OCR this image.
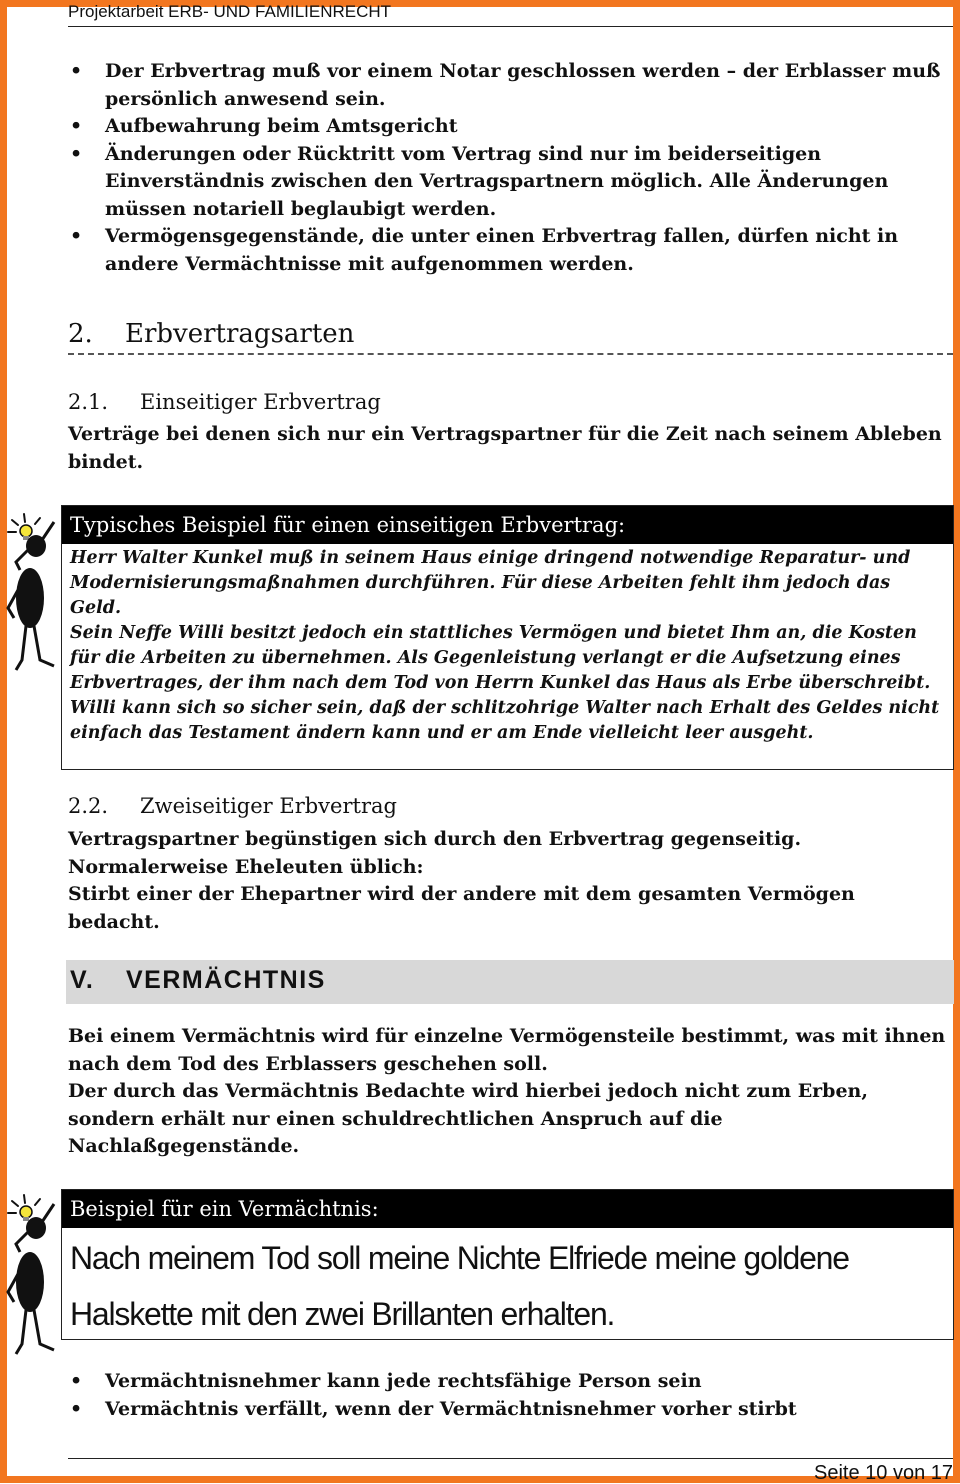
Projektarbeit ERB- UND FAMILIENRECHT
• Der Erbvertrag muß vor einem Notar geschlossen werden – der Erblasser muß persönlich anwesend sein.
• Aufbewahrung beim Amtsgericht
• Änderungen oder Rücktritt vom Vertrag sind nur im beiderseitigen Einverständnis zwischen den Vertragspartnern möglich. Alle Änderungen müssen notariell beglaubigt werden.
• Vermögensgegenstände, die unter einen Erbvertrag fallen, dürfen nicht in andere Vermächtnisse mit aufgenommen werden.
2. Erbvertragsarten
2.1. Einseitiger Erbvertrag

Verträge bei denen sich nur ein Vertragspartner für die Zeit nach seinem Ableben bindet.

Typisches Beispiel für einen einseitigen Erbvertrag:

Herr Walter Kunkel muß in seinem Haus einige dringend notwendige Reparatur- und Modernisierungsmaßnahmen durchführen. Für diese Arbeiten fehlt ihm jedoch das Geld.

Sein Neffe Willi besitzt jedoch ein stattliches Vermögen und bietet Ihm an, die Kosten für die Arbeiten zu übernehmen. Als Gegenleistung verlangt er die Aufsetzung eines Erbvertrages, der ihm nach dem Tod von Herrn Kunkel das Haus als Erbe überschreibt.

Willi kann sich so sicher sein, daß der schlitzohrige Walter nach Erhalt des Geldes nicht einfach das Testament ändern kann und er am Ende vielleicht leer ausgeht.

2.2. Zweiseitiger Erbvertrag

Vertragspartner begünstigen sich durch den Erbvertrag gegenseitig. Normalerweise Eheleuten üblich:

Stirbt einer der Ehepartner wird der andere mit dem gesamten Vermögen bedacht.

V. VERMÄCHTNIS

Bei einem Vermächtnis wird für einzelne Vermögensteile bestimmt, was mit ihnen nach dem Tod des Erblassers geschehen soll.

Der durch das Vermächtnis Bedachte wird hierbei jedoch nicht zum Erben, sondern erhält nur einen schuldrechtlichen Anspruch auf die Nachlaßgegenstände.

Beispiel für ein Vermächtnis:
Nach meinem Tod soll meine Nichte Elfriede meine goldene Halskette mit den zwei Brillanten erhalten.
• Vermächtnisnehmer kann jede rechtsfähige Person sein
• Vermächtnis verfällt, wenn der Vermächtnisnehmer vorher stirbt
Seite 10 von 17
